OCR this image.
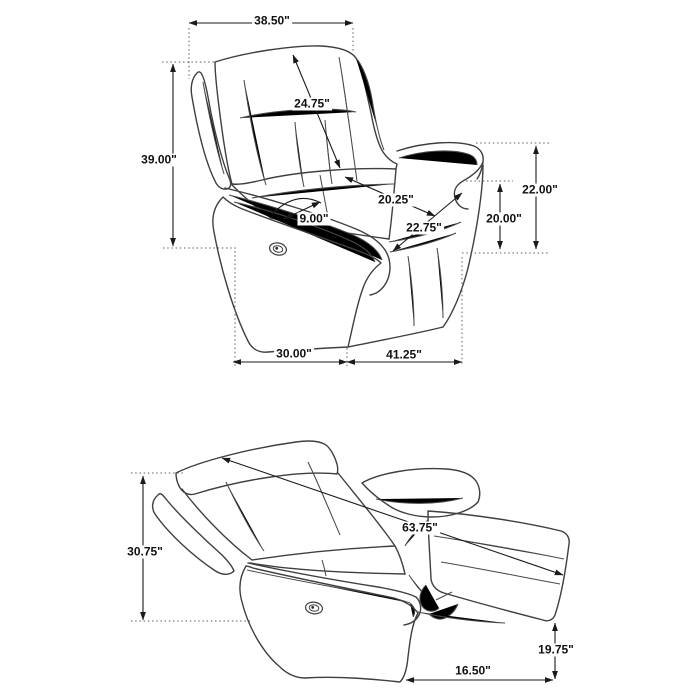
38.50"
39.00"
24.75"
9.00"
20.25"
22.75"
22.00"
20.00"
30.00"	41.25"
30.75"
63.75"
19.75"
16.50"
